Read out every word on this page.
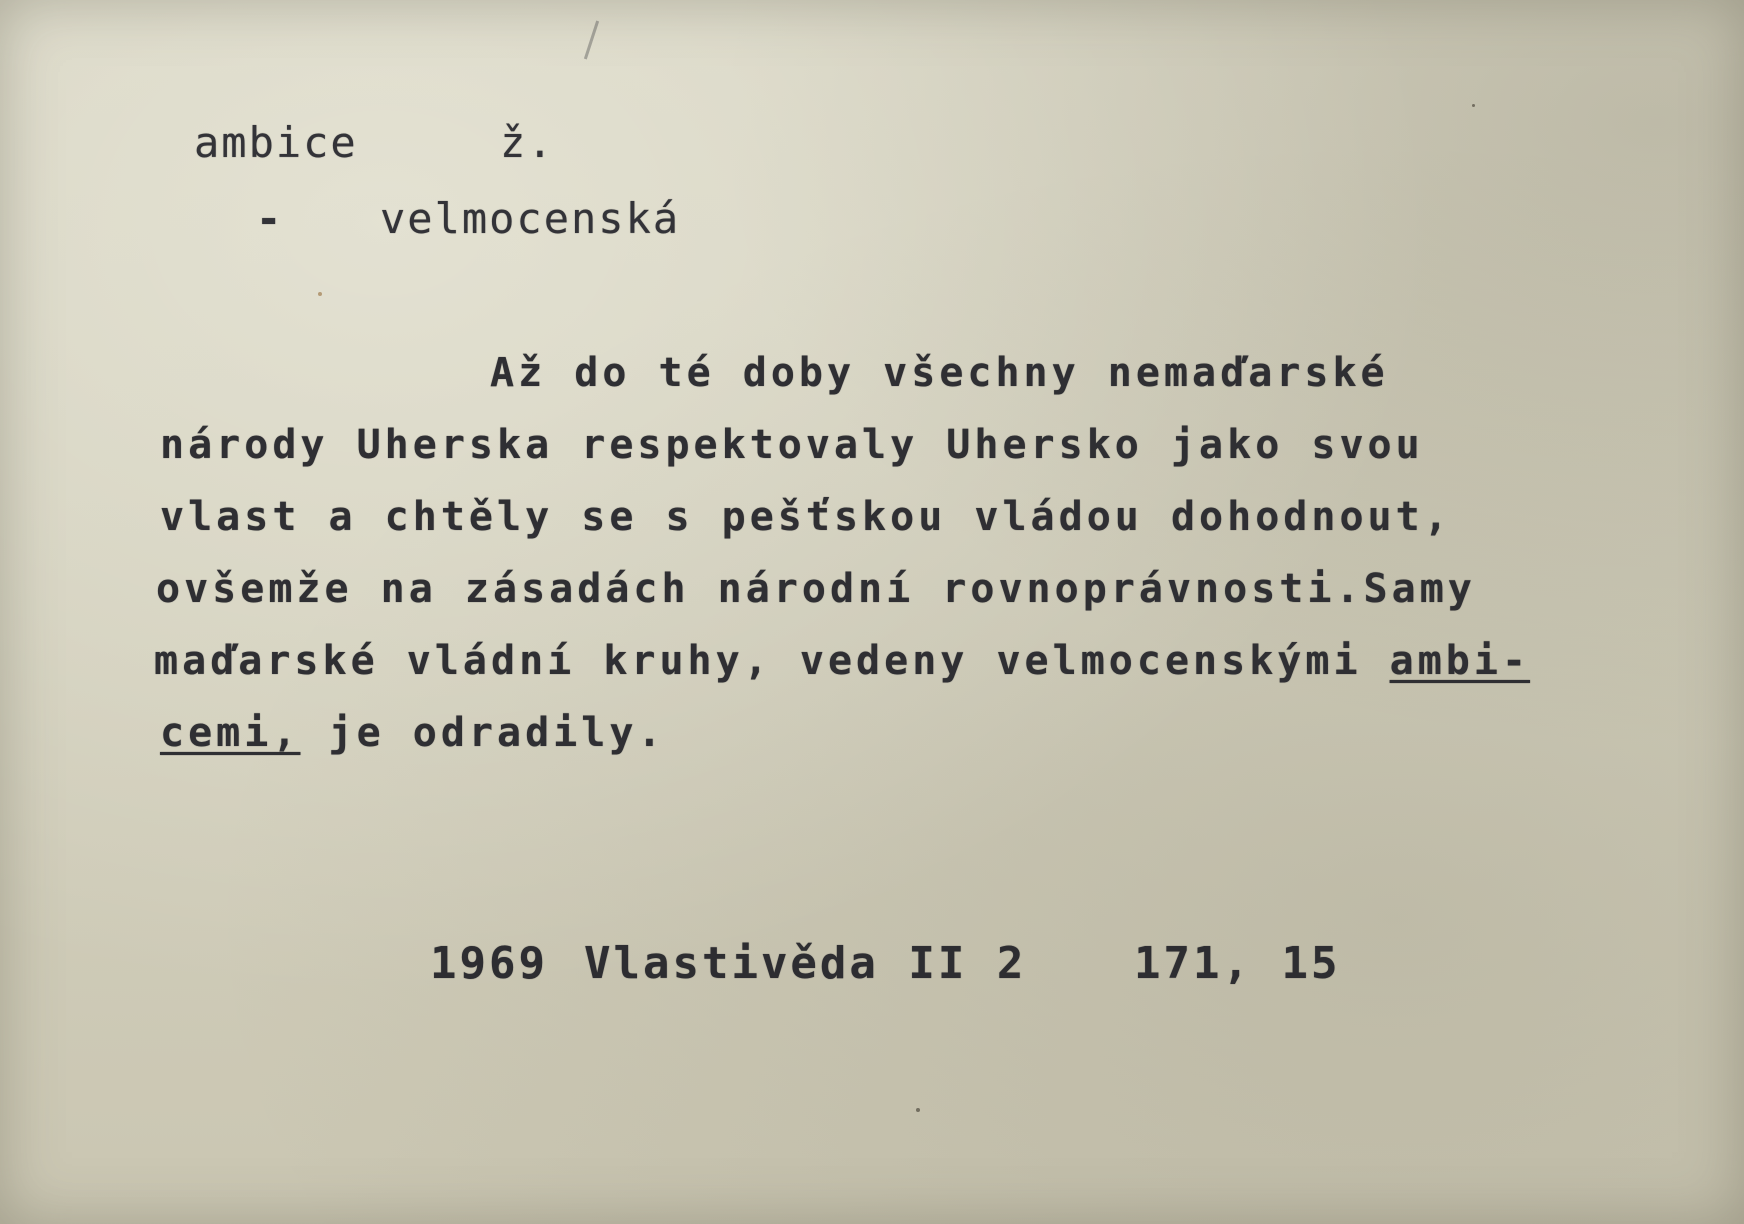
ambice	ž.
- velmocenská
Až do té doby všechny nemaďarské
národy Uherska respektovaly Uhersko jako svou
vlast a chtěly se s pešťskou vládou dohodnout,
ovšemže na zásadách národní rovnoprávnosti.Samy
maďarské vládní kruhy, vedeny velmocenskými ambi-
cemi, je odradily.
1969 Vlastivěda II 2 171, 15
